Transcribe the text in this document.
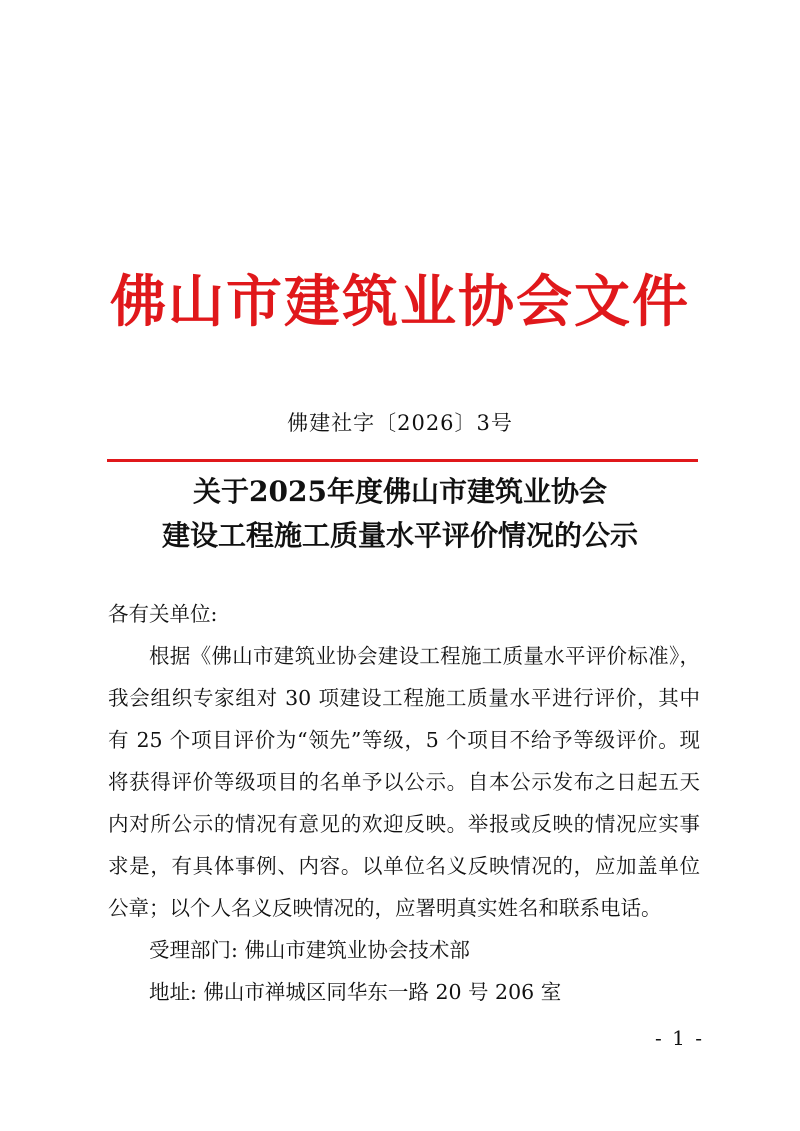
佛山市建筑业协会文件
佛建社字〔2026〕3号
关于2025年度佛山市建筑业协会
建设工程施工质量水平评价情况的公示

各有关单位:

根据《佛山市建筑业协会建设工程施工质量水平评价标准》，我会组织专家组对 30 项建设工程施工质量水平进行评价，其中有 25 个项目评价为“领先”等级，5 个项目不给予等级评价。现将获得评价等级项目的名单予以公示。自本公示发布之日起五天内对所公示的情况有意见的欢迎反映。举报或反映的情况应实事求是，有具体事例、内容。以单位名义反映情况的，应加盖单位公章；以个人名义反映情况的，应署明真实姓名和联系电话。

受理部门: 佛山市建筑业协会技术部

地址: 佛山市禅城区同华东一路 20 号 206 室

- 1 -
